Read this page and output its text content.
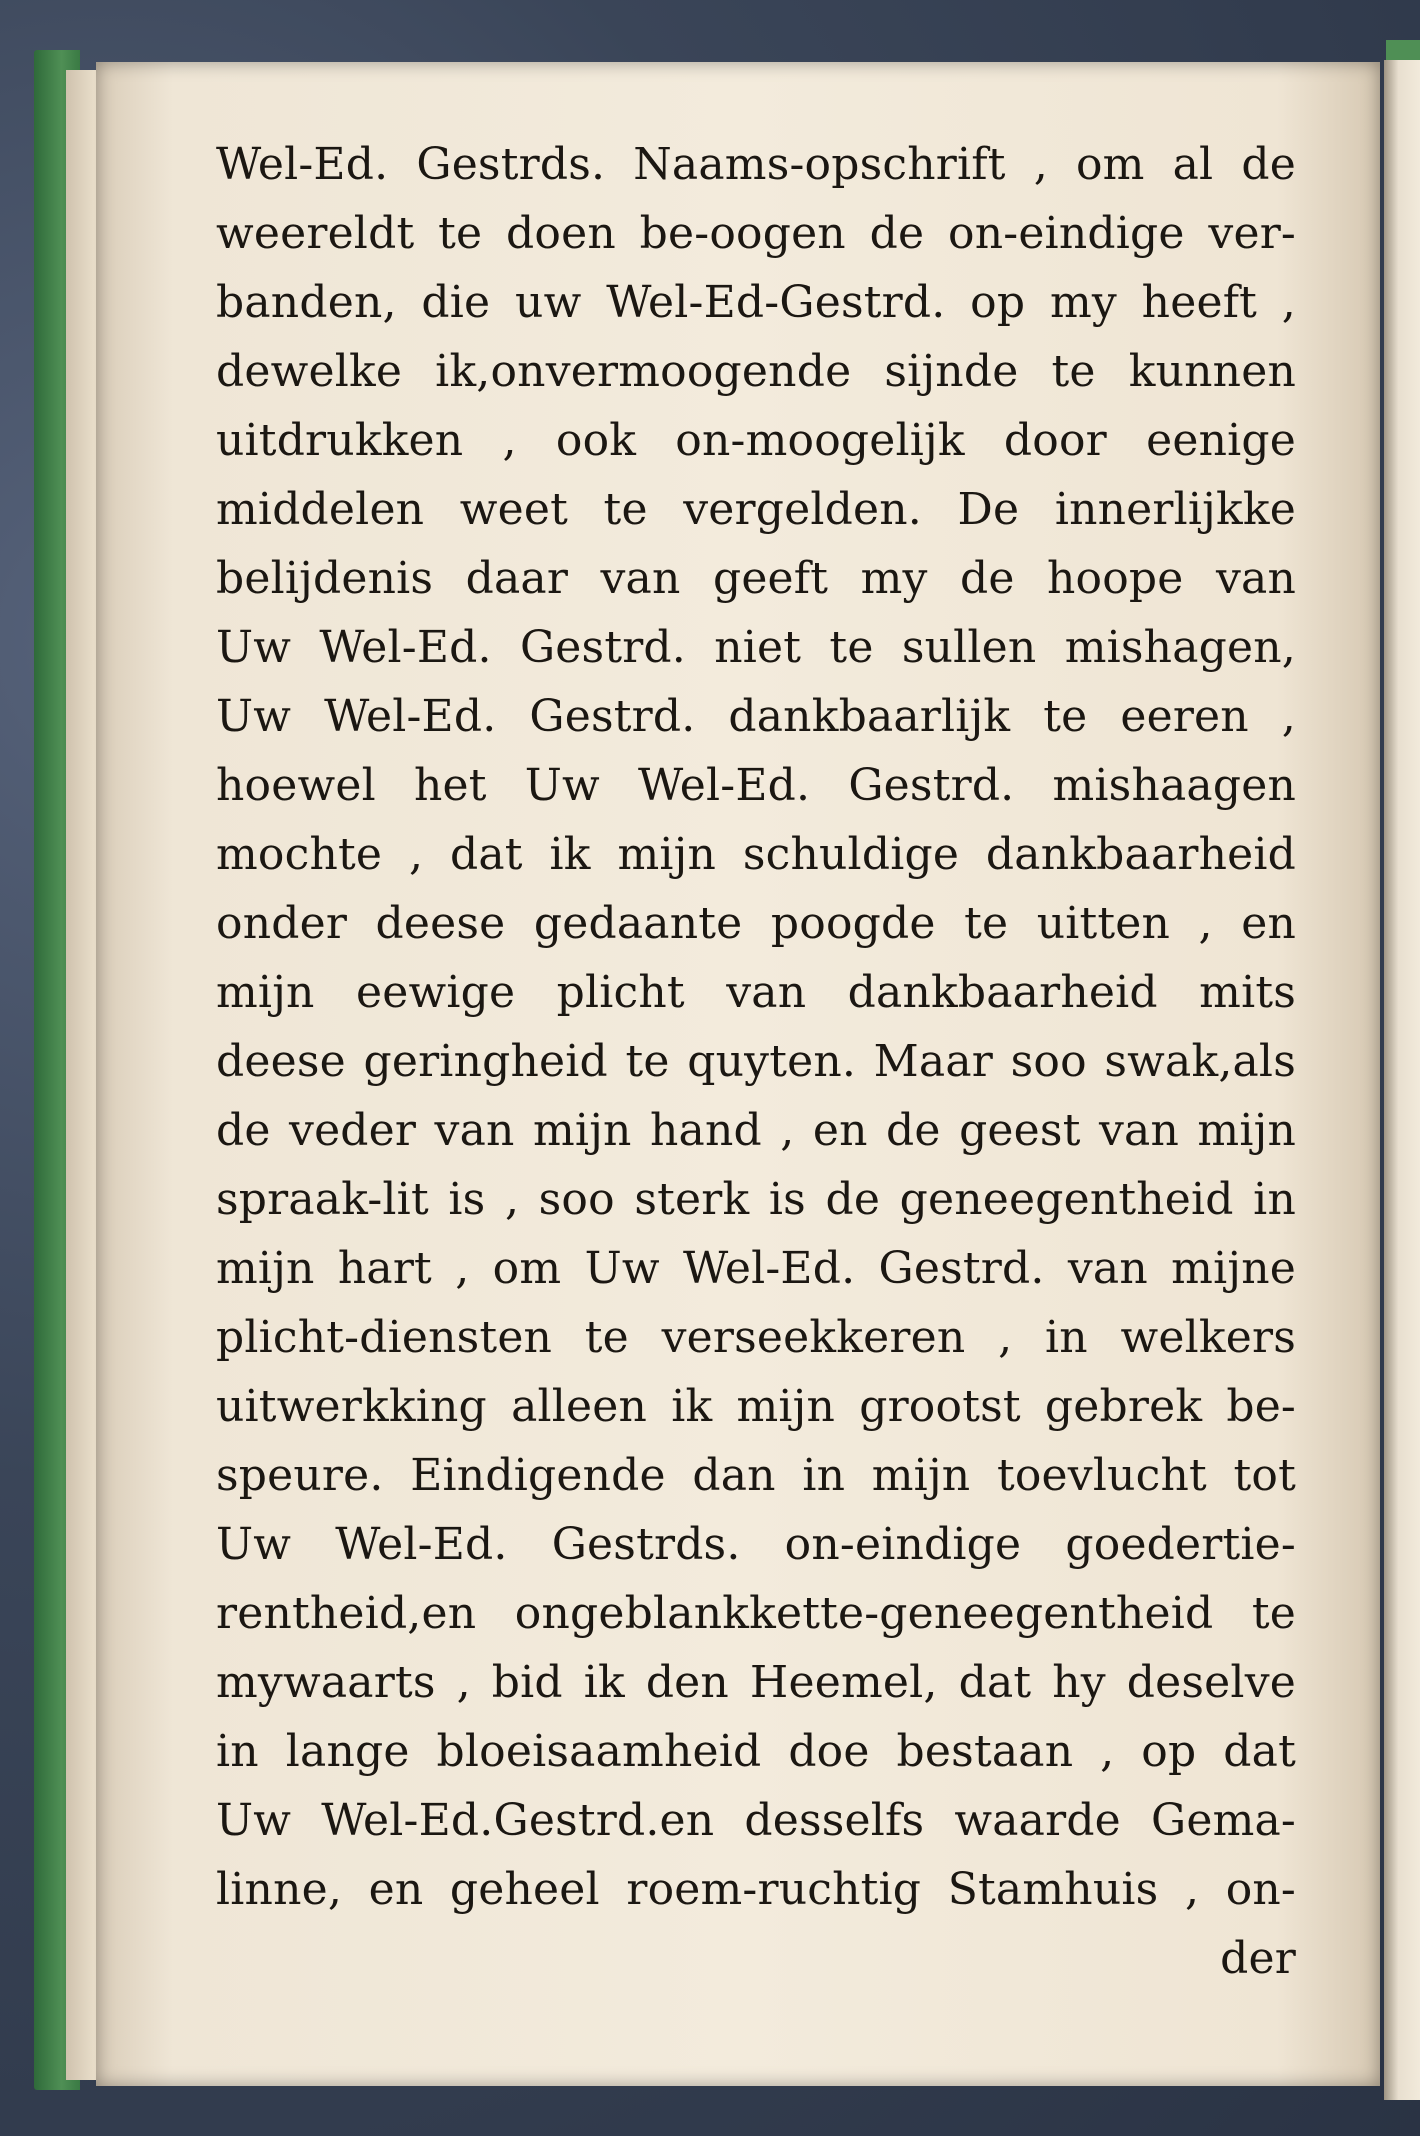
Wel-Ed. Gestrds. Naams-opschrift , om al de
weereldt te doen be-oogen de on-eindige ver-
banden, die uw Wel-Ed-Gestrd. op my heeft ,
dewelke ik,onvermoogende sijnde te kunnen
uitdrukken , ook on-moogelijk door eenige
middelen weet te vergelden. De innerlijkke
belijdenis daar van geeft my de hoope van
Uw Wel-Ed. Gestrd. niet te sullen mishagen,
Uw Wel-Ed. Gestrd. dankbaarlijk te eeren ,
hoewel het Uw Wel-Ed. Gestrd. mishaagen
mochte , dat ik mijn schuldige dankbaarheid
onder deese gedaante poogde te uitten , en
mijn eewige plicht van dankbaarheid mits
deese geringheid te quyten. Maar soo swak,als
de veder van mijn hand , en de geest van mijn
spraak-lit is , soo sterk is de geneegentheid in
mijn hart , om Uw Wel-Ed. Gestrd. van mijne
plicht-diensten te verseekkeren , in welkers
uitwerkking alleen ik mijn grootst gebrek be-
speure. Eindigende dan in mijn toevlucht tot
Uw Wel-Ed. Gestrds. on-eindige goedertie-
rentheid,en ongeblankkette-geneegentheid te
mywaarts , bid ik den Heemel, dat hy deselve
in lange bloeisaamheid doe bestaan , op dat
Uw Wel-Ed.Gestrd.en desselfs waarde Gema-
linne, en geheel roem-ruchtig Stamhuis , on-
der
